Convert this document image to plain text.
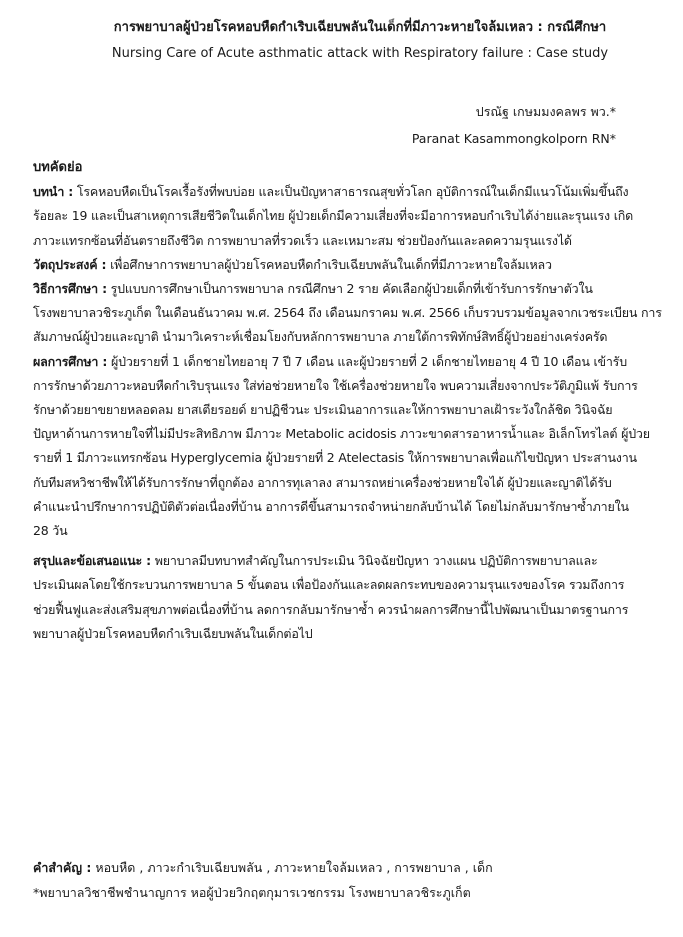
การพยาบาลผู้ป่วยโรคหอบหืดกำเริบเฉียบพลันในเด็กที่มีภาวะหายใจล้มเหลว : กรณีศึกษา
Nursing Care of Acute asthmatic attack with Respiratory failure : Case study
ปรณัฐ เกษมมงคลพร พว.*
Paranat Kasammongkolporn RN*
บทคัดย่อ
บทนำ : โรคหอบหืดเป็นโรคเรื้อรังที่พบบ่อย และเป็นปัญหาสาธารณสุขทั่วโลก อุบัติการณ์ในเด็กมีแนวโน้มเพิ่มขึ้นถึง
ร้อยละ 19 และเป็นสาเหตุการเสียชีวิตในเด็กไทย ผู้ป่วยเด็กมีความเสี่ยงที่จะมีอาการหอบกำเริบได้ง่ายและรุนแรง เกิด
ภาวะแทรกซ้อนที่อันตรายถึงชีวิต การพยาบาลที่รวดเร็ว และเหมาะสม ช่วยป้องกันและลดความรุนแรงได้
วัตถุประสงค์ : เพื่อศึกษาการพยาบาลผู้ป่วยโรคหอบหืดกำเริบเฉียบพลันในเด็กที่มีภาวะหายใจล้มเหลว
วิธีการศึกษา : รูปแบบการศึกษาเป็นการพยาบาล กรณีศึกษา 2 ราย คัดเลือกผู้ป่วยเด็กที่เข้ารับการรักษาตัวใน
โรงพยาบาลวชิระภูเก็ต ในเดือนธันวาคม พ.ศ. 2564 ถึง เดือนมกราคม พ.ศ. 2566 เก็บรวบรวมข้อมูลจากเวชระเบียน การ
สัมภาษณ์ผู้ป่วยและญาติ นำมาวิเคราะห์เชื่อมโยงกับหลักการพยาบาล ภายใต้การพิทักษ์สิทธิ์ผู้ป่วยอย่างเคร่งครัด
ผลการศึกษา : ผู้ป่วยรายที่ 1 เด็กชายไทยอายุ 7 ปี 7 เดือน และผู้ป่วยรายที่ 2 เด็กชายไทยอายุ 4 ปี 10 เดือน เข้ารับ
การรักษาด้วยภาวะหอบหืดกำเริบรุนแรง ใส่ท่อช่วยหายใจ ใช้เครื่องช่วยหายใจ พบความเสี่ยงจากประวัติภูมิแพ้ รับการ
รักษาด้วยยาขยายหลอดลม ยาสเตียรอยด์ ยาปฏิชีวนะ ประเมินอาการและให้การพยาบาลเฝ้าระวังใกล้ชิด วินิจฉัย
ปัญหาด้านการหายใจที่ไม่มีประสิทธิภาพ มีภาวะ Metabolic acidosis ภาวะขาดสารอาหารน้ำและ อิเล็กโทรไลต์ ผู้ป่วย
รายที่ 1 มีภาวะแทรกซ้อน Hyperglycemia ผู้ป่วยรายที่ 2 Atelectasis ให้การพยาบาลเพื่อแก้ไขปัญหา ประสานงาน
กับทีมสหวิชาชีพให้ได้รับการรักษาที่ถูกต้อง อาการทุเลาลง สามารถหย่าเครื่องช่วยหายใจได้ ผู้ป่วยและญาติได้รับ
คำแนะนำปรึกษาการปฏิบัติตัวต่อเนื่องที่บ้าน อาการดีขึ้นสามารถจำหน่ายกลับบ้านได้ โดยไม่กลับมารักษาซ้ำภายใน
28 วัน
สรุปและข้อเสนอแนะ : พยาบาลมีบทบาทสำคัญในการประเมิน วินิจฉัยปัญหา วางแผน ปฏิบัติการพยาบาลและ
ประเมินผลโดยใช้กระบวนการพยาบาล 5 ขั้นตอน เพื่อป้องกันและลดผลกระทบของความรุนแรงของโรค รวมถึงการ
ช่วยฟื้นฟูและส่งเสริมสุขภาพต่อเนื่องที่บ้าน ลดการกลับมารักษาซ้ำ ควรนำผลการศึกษานี้ไปพัฒนาเป็นมาตรฐานการ
พยาบาลผู้ป่วยโรคหอบหืดกำเริบเฉียบพลันในเด็กต่อไป
คำสำคัญ : หอบหืด , ภาวะกำเริบเฉียบพลัน , ภาวะหายใจล้มเหลว , การพยาบาล , เด็ก
*พยาบาลวิชาชีพชำนาญการ หอผู้ป่วยวิกฤตกุมารเวชกรรม โรงพยาบาลวชิระภูเก็ต
